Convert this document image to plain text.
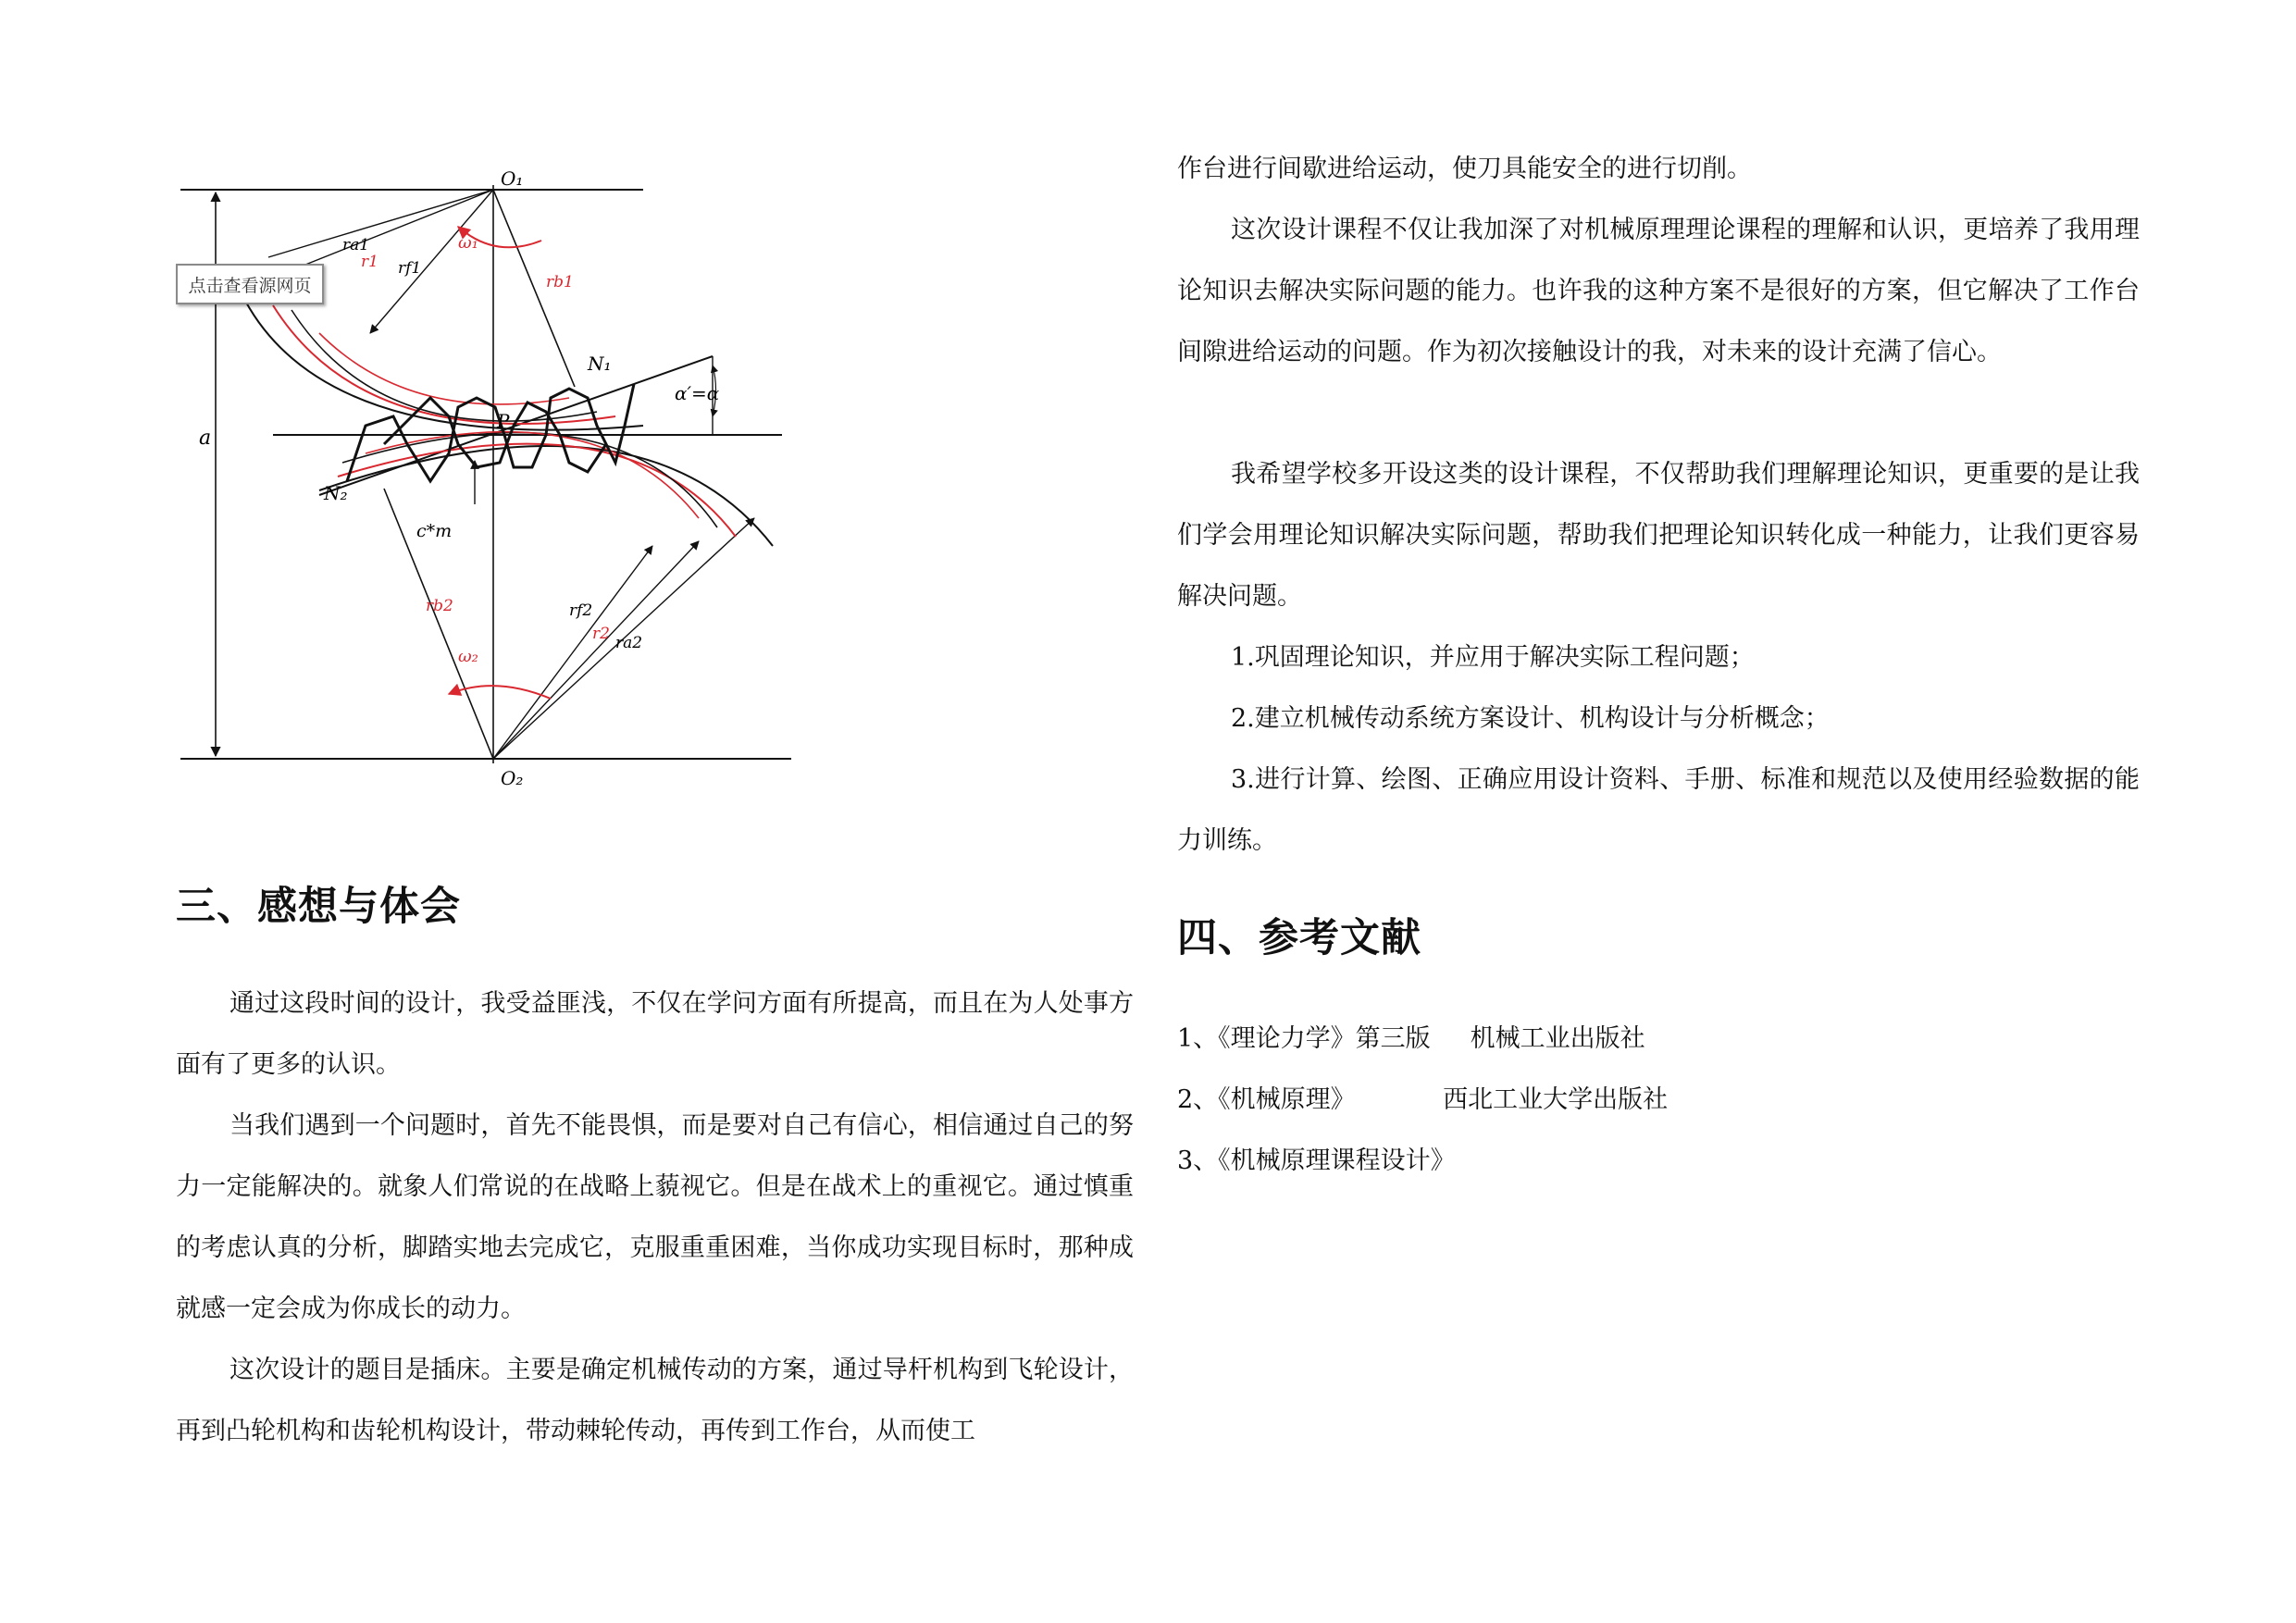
O₁
O₂
N₁
N₂
P
a
α′=α
c*m
ra1
r1 rf1
rb1
rb2	rf2
r2 ra2
ω₁
ω₂
点击查看源网页
三、感想与体会

通过这段时间的设计，我受益匪浅，不仅在学问方面有所提高，而且在为人处事方面有了更多的认识。

当我们遇到一个问题时，首先不能畏惧，而是要对自己有信心，相信通过自己的努力一定能解决的。就象人们常说的在战略上藐视它。但是在战术上的重视它。通过慎重的考虑认真的分析，脚踏实地去完成它，克服重重困难，当你成功实现目标时，那种成就感一定会成为你成长的动力。

这次设计的题目是插床。主要是确定机械传动的方案，通过导杆机构到飞轮设计，再到凸轮机构和齿轮机构设计，带动棘轮传动，再传到工作台，从而使工

作台进行间歇进给运动，使刀具能安全的进行切削。

这次设计课程不仅让我加深了对机械原理理论课程的理解和认识，更培养了我用理论知识去解决实际问题的能力。也许我的这种方案不是很好的方案，但它解决了工作台间隙进给运动的问题。作为初次接触设计的我，对未来的设计充满了信心。

我希望学校多开设这类的设计课程，不仅帮助我们理解理论知识，更重要的是让我们学会用理论知识解决实际问题，帮助我们把理论知识转化成一种能力，让我们更容易解决问题。

1.巩固理论知识，并应用于解决实际工程问题；

2.建立机械传动系统方案设计、机构设计与分析概念；

3.进行计算、绘图、正确应用设计资料、手册、标准和规范以及使用经验数据的能力训练。

四、参考文献

1、《理论力学》第三版     机械工业出版社

2、《机械原理》           西北工业大学出版社

3、《机械原理课程设计》
